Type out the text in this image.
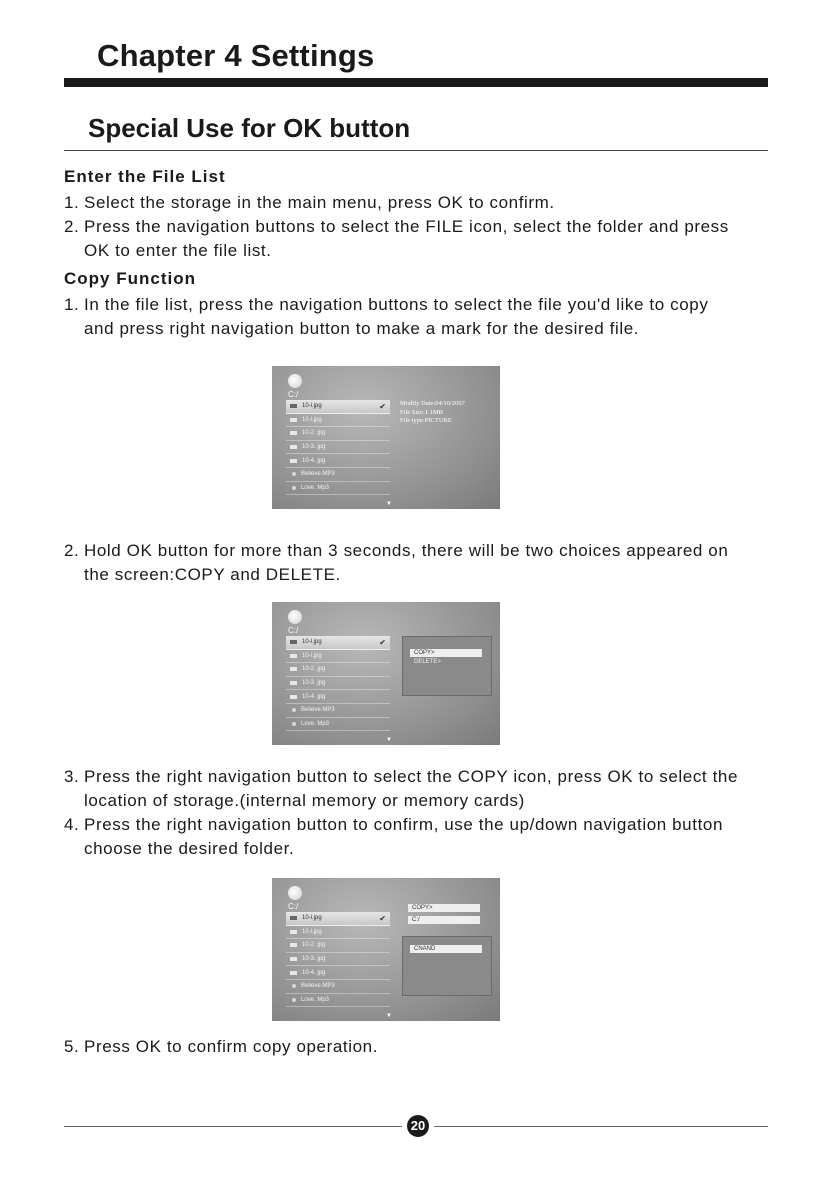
Chapter 4 Settings
Special Use for OK button
Enter the File List
1. Select the storage in the main menu, press OK to confirm.
2. Press the navigation buttons to select the FILE icon, select the folder and press
OK to enter the file list.
Copy Function
1. In the file list, press the navigation buttons to select the file you'd like to copy
and press right navigation button to make a mark for the desired file.
C:/
10-l.jpg	✔
10-l.jpg
10-2. jpg
10-3. jpg
10-4. jpg
Believe.MP3
Love. Mp3
Modify Date:04/10/2007
File Size:1.1MB
File type:PICTURE
▼
2. Hold OK button for more than 3 seconds, there will be two choices appeared on
the screen:COPY and DELETE.
C:/
10-l.jpg	✔
10-l.jpg
10-2. jpg
10-3. jpg
10-4. jpg
Believe.MP3
Love. Mp3
COPY>
DELETE>
▼
3. Press the right navigation button to select the COPY icon, press OK to select the
location of storage.(internal memory or memory cards)
4. Press the right navigation button to confirm, use the up/down navigation button
choose the desired folder.
C:/
10-l.jpg	✔
10-l.jpg
10-2. jpg
10-3. jpg
10-4. jpg
Believe.MP3
Love. Mp3
COPY>
C:/
CNAND
▼
5. Press OK to confirm copy operation.
20
